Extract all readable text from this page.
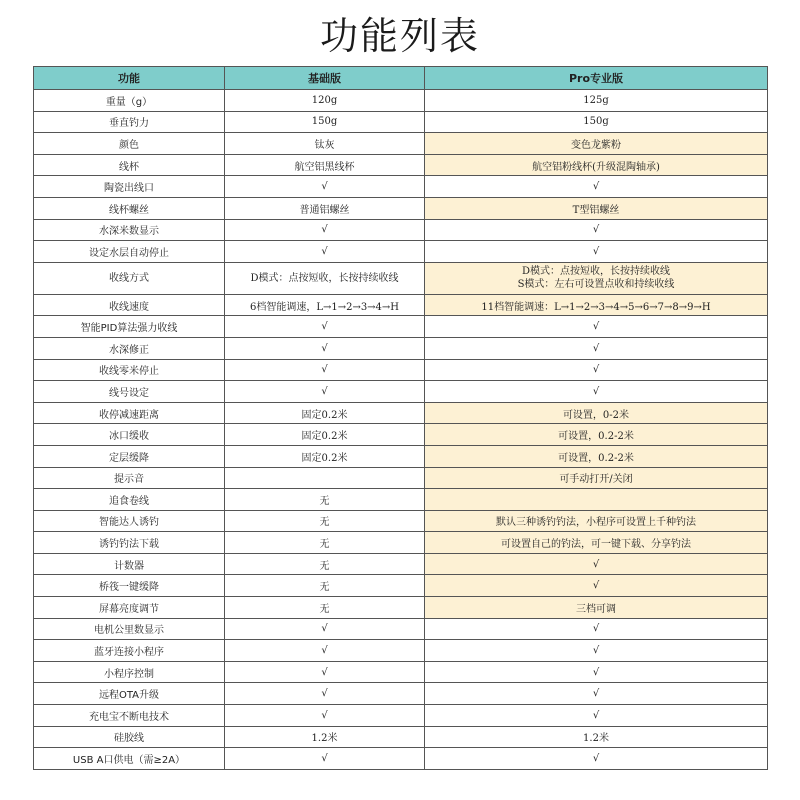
功能列表
功能	基础版	Pro专业版
重量（g）	120g	125g
垂直钓力	150g	150g
颜色	钛灰	变色龙紫粉
线杯	航空铝黑线杯	航空铝粉线杯(升级混陶轴承)
陶瓷出线口	√	√
线杯螺丝	普通铝螺丝	T型铝螺丝
水深米数显示	√	√
设定水层自动停止	√	√
收线方式	D模式：点按短收，长按持续收线	D模式：点按短收，长按持续收线
S模式：左右可设置点收和持续收线

收线速度	6档智能调速，L→1→2→3→4→H	11档智能调速：L→1→2→3→4→5→6→7→8→9→H
智能PID算法强力收线	√	√
水深修正	√	√
收线零米停止	√	√
线号设定	√	√
收停减速距离	固定0.2米	可设置，0-2米
冰口缓收	固定0.2米	可设置，0.2-2米
定层缓降	固定0.2米	可设置，0.2-2米
提示音		可手动打开/关闭
追食卷线	无	
智能达人诱钓	无	默认三种诱钓钓法，小程序可设置上千种钓法
诱钓钓法下载	无	可设置自己的钓法，可一键下载、分享钓法
计数器	无	√
桥筏一键缓降	无	√
屏幕亮度调节	无	三档可调
电机公里数显示	√	√
蓝牙连接小程序	√	√
小程序控制	√	√
远程OTA升级	√	√
充电宝不断电技术	√	√
硅胶线	1.2米	1.2米
USB A口供电（需≥2A）	√	√
